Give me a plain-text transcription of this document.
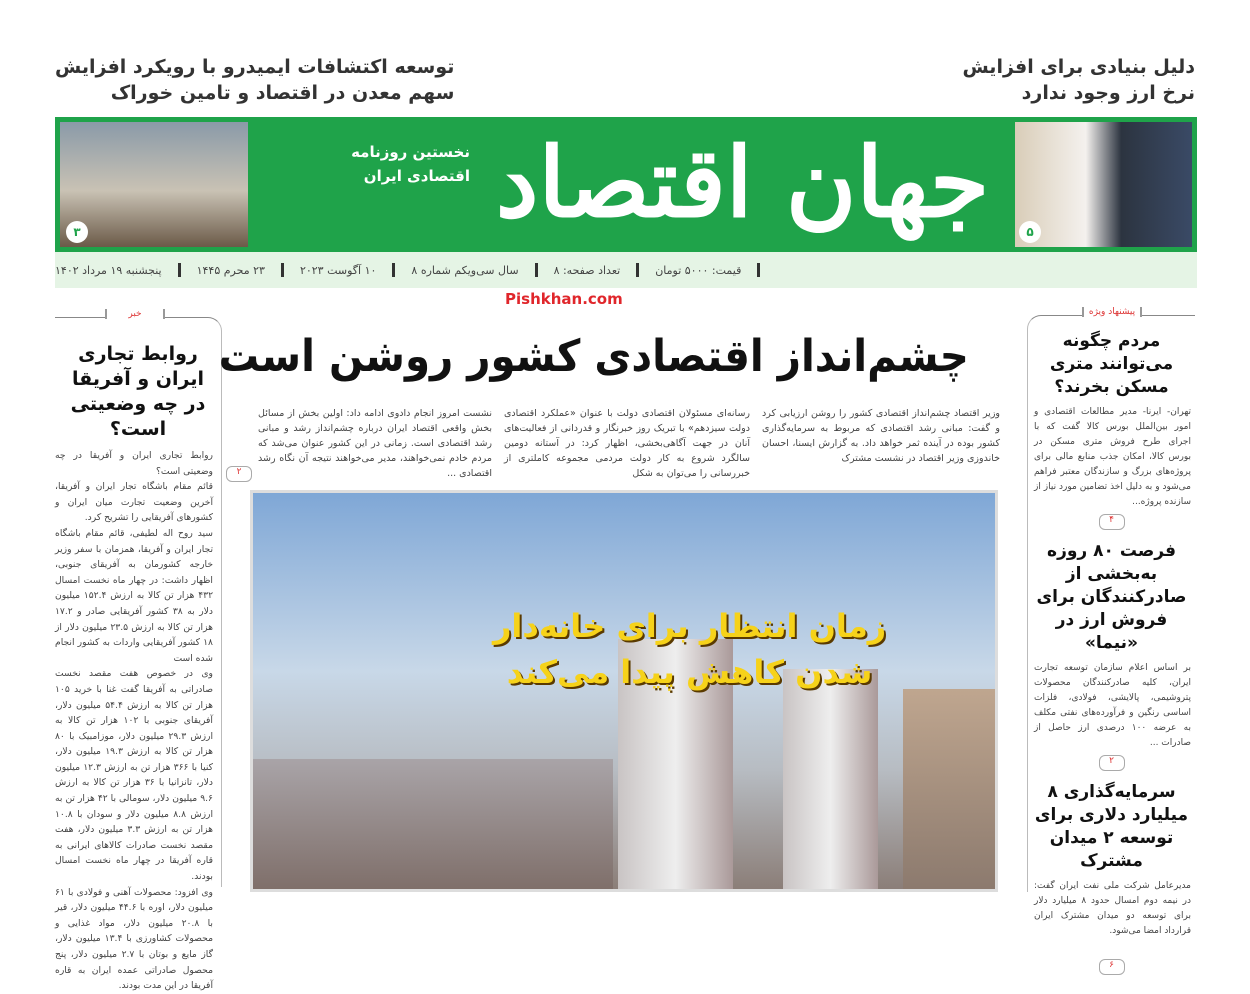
دلیل بنیادی برای افزایش
نرخ ارز وجود ندارد
توسعه اکتشافات ایمیدرو با رویکرد افزایش
سهم معدن در اقتصاد و تامین خوراک
۵
۳	جهان اقتصاد
نخستین روزنامه
اقتصادی ایران
پنجشنبه ۱۹ مرداد ۱۴۰۲	۲۳ محرم ۱۴۴۵	۱۰ آگوست ۲۰۲۳	سال سی‌ویکم شماره ۸	تعداد صفحه: ۸	قیمت: ۵۰۰۰ تومان
Pishkhan.com
خبر
روابط تجاری ایران و آفریقا در چه وضعیتی است؟
روابط تجاری ایران و آفریقا در چه وضعیتی است؟
قائم مقام باشگاه تجار ایران و آفریقا، آخرین وضعیت تجارت میان ایران و کشورهای آفریقایی را تشریح کرد.
سید روح اله لطیفی، قائم مقام باشگاه تجار ایران و آفریقا، همزمان با سفر وزیر خارجه کشورمان به آفریقای جنوبی، اظهار داشت: در چهار ماه نخست امسال ۴۳۲ هزار تن کالا به ارزش ۱۵۲.۴ میلیون دلار به ۳۸ کشور آفریقایی صادر و ۱۷.۲ هزار تن کالا به ارزش ۲۳.۵ میلیون دلار از ۱۸ کشور آفریقایی واردات به کشور انجام شده است
وی در خصوص هفت مقصد نخست صادراتی به آفریقا گفت غنا با خرید ۱۰۵ هزار تن کالا به ارزش ۵۴.۴ میلیون دلار، آفریقای جنوبی با ۱۰۲ هزار تن کالا به ارزش ۲۹.۳ میلیون دلار، موزامبیک با ۸۰ هزار تن کالا به ارزش ۱۹.۳ میلیون دلار، کنیا با ۳۶۶ هزار تن به ارزش ۱۲.۳ میلیون دلار، تانزانیا با ۳۶ هزار تن کالا به ارزش ۹.۶ میلیون دلار، سومالی با ۴۲ هزار تن به ارزش ۸.۸ میلیون دلار و سودان با ۱۰.۸ هزار تن به ارزش ۳.۳ میلیون دلار، هفت مقصد نخست صادرات کالاهای ایرانی به قاره آفریقا در چهار ماه نخست امسال بودند.
وی افزود: محصولات آهنی و فولادی با ۶۱ میلیون دلار، اوره با ۴۴.۶ میلیون دلار، قیر با ۲۰.۸ میلیون دلار، مواد غذایی و محصولات کشاورزی با ۱۳.۴ میلیون دلار، گاز مایع و بوتان با ۲.۷ میلیون دلار، پنج محصول صادراتی عمده ایران به قاره آفریقا در این مدت بودند.
پیشنهاد ویژه
مردم چگونه می‌توانند متری مسکن بخرند؟
تهران- ایرنا- مدیر مطالعات اقتصادی و امور بین‌الملل بورس کالا گفت که با اجرای طرح فروش متری مسکن در بورس کالا، امکان جذب منابع مالی برای پروژه‌های بزرگ و سازندگان معتبر فراهم می‌شود و به دلیل اخذ تضامین مورد نیاز از سازنده پروژه...
۴
فرصت ۸۰ روزه به‌بخشی از صادرکنندگان برای فروش ارز در «نیما»
بر اساس اعلام سازمان توسعه تجارت ایران، کلیه صادرکنندگان محصولات پتروشیمی، پالایشی، فولادی، فلزات اساسی رنگین و فرآورده‌های نفتی مکلف به عرضه ۱۰۰ درصدی ارز حاصل از صادرات ...
۲
سرمایه‌گذاری ۸ میلیارد دلاری برای توسعه ۲ میدان مشترک
مدیرعامل شرکت ملی نفت ایران گفت: در نیمه دوم امسال حدود ۸ میلیارد دلار برای توسعه دو میدان مشترک ایران قرارداد امضا می‌شود.
۶
چشم‌انداز اقتصادی کشور روشن است
وزیر اقتصاد چشم‌انداز اقتصادی کشور را روشن ارزیابی کرد و گفت: مبانی رشد اقتصادی که مربوط به سرمایه‌گذاری کشور بوده در آینده ثمر خواهد داد. به گزارش ایسنا، احسان خاندوزی وزیر اقتصاد در نشست مشترک
رسانه‌ای مسئولان اقتصادی دولت با عنوان «عملکرد اقتصادی دولت سیزدهم» با تبریک روز خبرنگار و قدردانی از فعالیت‌های آنان در جهت آگاهی‌بخشی، اظهار کرد: در آستانه دومین سالگرد شروع به کار دولت مردمی مجموعه کاملتری از خبررسانی را می‌توان به شکل
نشست امروز انجام دادوی ادامه داد: اولین بخش از مسائل بخش واقعی اقتصاد ایران درباره چشم‌انداز رشد و مبانی رشد اقتصادی است. زمانی در این کشور عنوان می‌شد که مردم خادم نمی‌خواهند، مدیر می‌خواهند نتیجه آن نگاه رشد اقتصادی ...
۲
زمان انتظار برای خانه‌دار
شدن کاهش پیدا می‌کند
